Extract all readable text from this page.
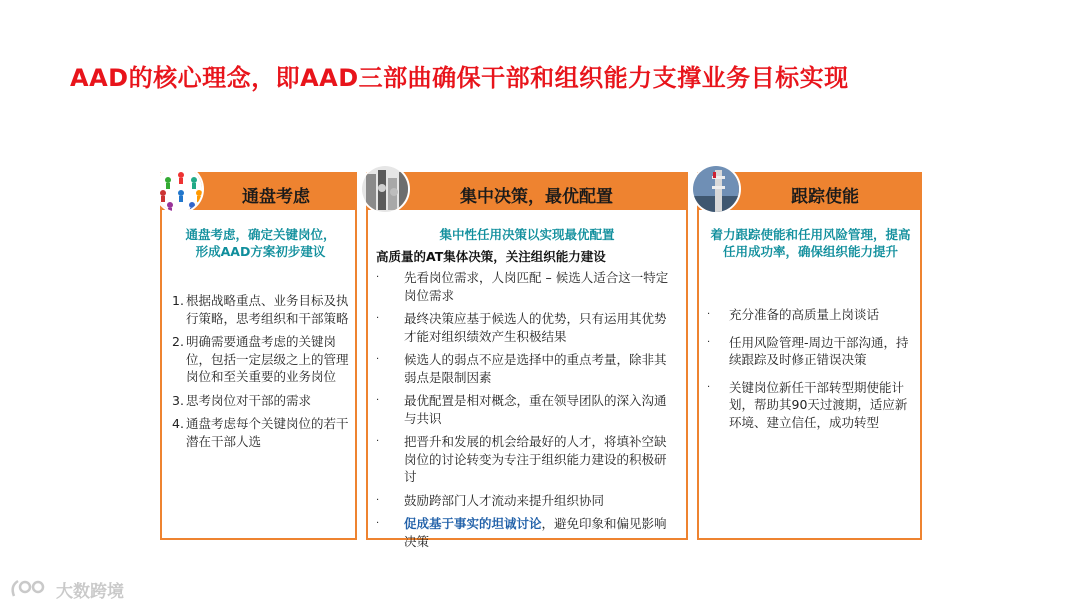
AAD的核心理念，即AAD三部曲确保干部和组织能力支撑业务目标实现
通盘考虑
通盘考虑，确定关键岗位，
形成AAD方案初步建议
1. 根据战略重点、业务目标及执行策略，思考组织和干部策略
2. 明确需要通盘考虑的关键岗位，包括一定层级之上的管理岗位和至关重要的业务岗位
3. 思考岗位对干部的需求
4. 通盘考虑每个关键岗位的若干潜在干部人选
集中决策，最优配置
集中性任用决策以实现最优配置
高质量的AT集体决策，关注组织能力建设
·	先看岗位需求，人岗匹配 – 候选人适合这一特定岗位需求
·	最终决策应基于候选人的优势，只有运用其优势才能对组织绩效产生积极结果
·	候选人的弱点不应是选择中的重点考量，除非其弱点是限制因素
·	最优配置是相对概念，重在领导团队的深入沟通与共识
·	把晋升和发展的机会给最好的人才，将填补空缺岗位的讨论转变为专注于组织能力建设的积极研讨
·	鼓励跨部门人才流动来提升组织协同
·	促成基于事实的坦诚讨论，避免印象和偏见影响决策
跟踪使能
着力跟踪使能和任用风险管理，提高任用成功率，确保组织能力提升
·	充分准备的高质量上岗谈话
·	任用风险管理-周边干部沟通，持续跟踪及时修正错误决策
·	关键岗位新任干部转型期使能计划，帮助其90天过渡期，适应新环境、建立信任，成功转型
大数跨境
